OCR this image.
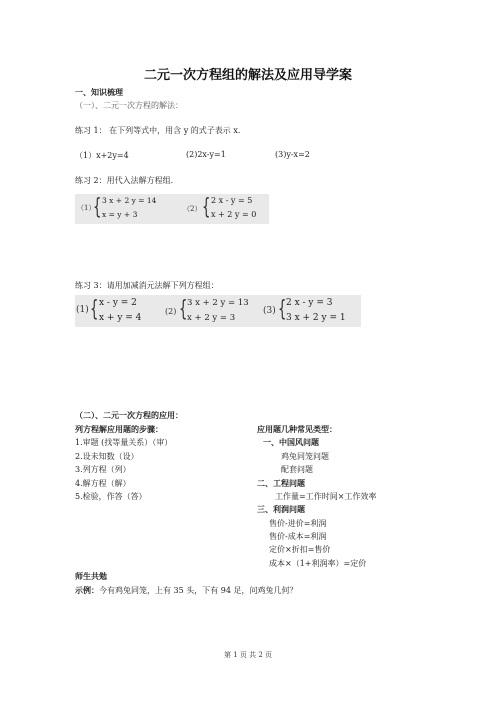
二元一次方程组的解法及应用导学案
一、知识梳理
（一）、二元一次方程的解法：
练习 1： 在下列等式中，用含 y 的式子表示 x.
（1）x+2y=4	(2)2x-y=1	(3)y-x=2
练习 2：用代入法解方程组.
（1）
{ 3 x + 2 y = 14
x = y + 3
（2） { 2 x - y = 5
x + 2 y = 0
练习 3：请用加减消元法解下列方程组：
(1) { x - y = 2
x + y = 4
(2) { 3 x + 2 y = 13
x + 2 y = 3
(3) { 2 x - y = 3
3 x + 2 y = 1
（二）、二元一次方程的应用：
列方程解应用题的步骤：
1.审题 (找等量关系）（审）
2.设未知数（设）
3.列方程（列）
4.解方程（解）
5.检验，作答（答）
应用题几种常见类型：
一、中国风问题
鸡兔同笼问题
配套问题
二、工程问题
工作量=工作时间×工作效率
三、利润问题
售价-进价=利润
售价-成本=利润
定价×折扣=售价
成本×（1+利润率）=定价
师生共勉
示例：今有鸡兔同笼，上有 35 头，下有 94 足，问鸡兔几何？
第 1 页 共 2 页
